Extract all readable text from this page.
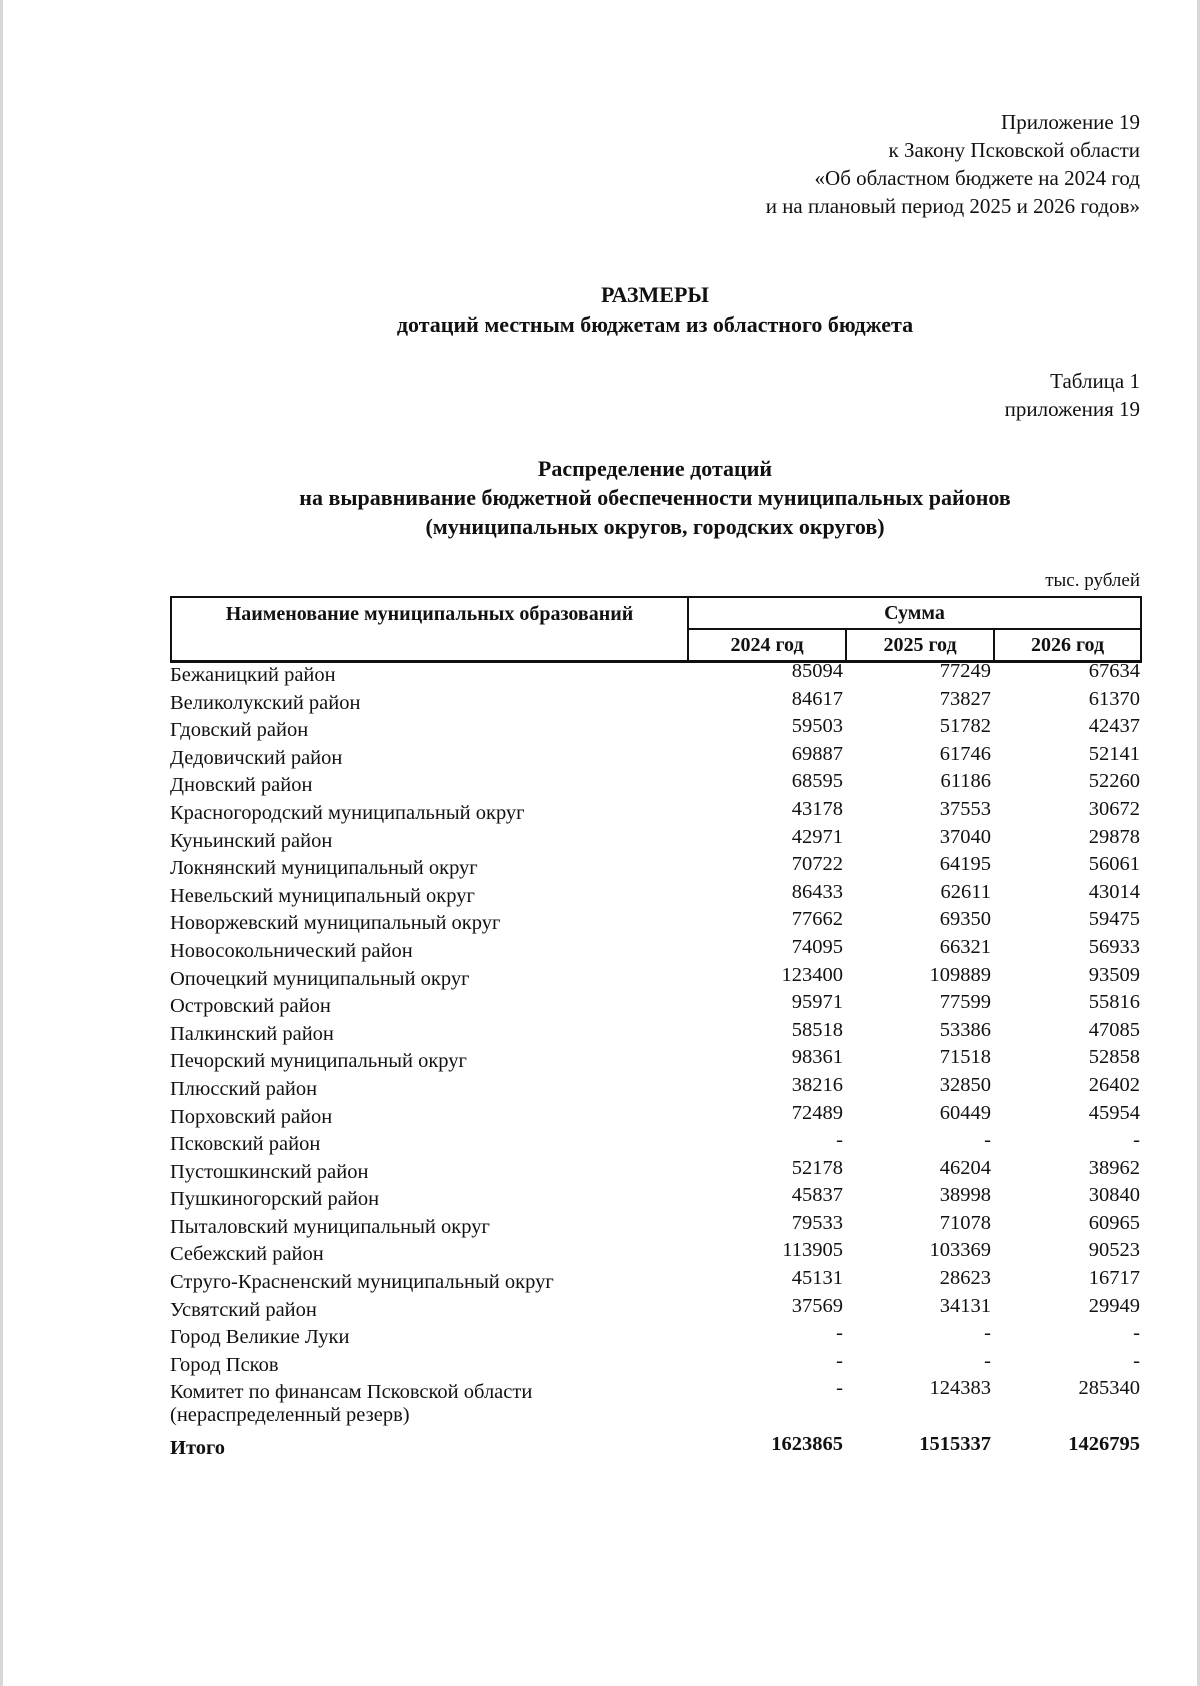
Приложение 19
к Закону Псковской области
«Об областном бюджете на 2024 год
и на плановый период 2025 и 2026 годов»
РАЗМЕРЫ
дотаций местным бюджетам из областного бюджета
Таблица 1
приложения 19
Распределение дотаций
на выравнивание бюджетной обеспеченности муниципальных районов
(муниципальных округов, городских округов)
тыс. рублей
Наименование муниципальных образований	Сумма
2024 год	2025 год	2026 год
Бежаницкий район	85094	77249	67634
Великолукский район	84617	73827	61370
Гдовский район	59503	51782	42437
Дедовичский район	69887	61746	52141
Дновский район	68595	61186	52260
Красногородский муниципальный округ	43178	37553	30672
Куньинский район	42971	37040	29878
Локнянский муниципальный округ	70722	64195	56061
Невельский муниципальный округ	86433	62611	43014
Новоржевский муниципальный округ	77662	69350	59475
Новосокольнический район	74095	66321	56933
Опочецкий муниципальный округ	123400	109889	93509
Островский район	95971	77599	55816
Палкинский район	58518	53386	47085
Печорский муниципальный округ	98361	71518	52858
Плюсский район	38216	32850	26402
Порховский район	72489	60449	45954
Псковский район	-	-	-
Пустошкинский район	52178	46204	38962
Пушкиногорский район	45837	38998	30840
Пыталовский муниципальный округ	79533	71078	60965
Себежский район	113905	103369	90523
Струго-Красненский муниципальный округ	45131	28623	16717
Усвятский район	37569	34131	29949
Город Великие Луки	-	-	-
Город Псков	-	-	-
Комитет по финансам Псковской области
(нераспределенный резерв)
-	124383	285340
Итого	1623865	1515337	1426795
